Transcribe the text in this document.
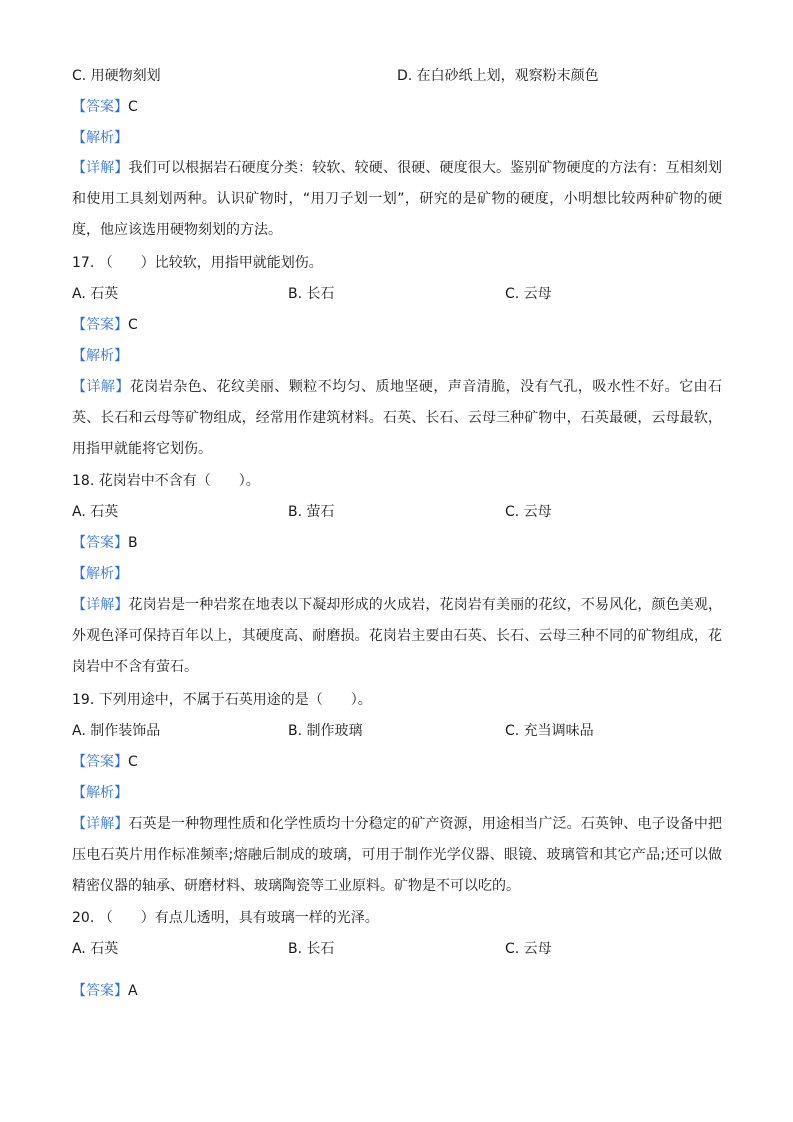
C. 用硬物刻划	D. 在白砂纸上划，观察粉末颜色
【答案】C
【解析】
【详解】我们可以根据岩石硬度分类：较软、较硬、很硬、硬度很大。鉴别矿物硬度的方法有：互相刻划和使用工具刻划两种。认识矿物时，“用刀子划一划”，研究的是矿物的硬度，小明想比较两种矿物的硬度，他应该选用硬物刻划的方法。
17. （　　）比较软，用指甲就能划伤。
A. 石英	B. 长石	C. 云母
【答案】C
【解析】
【详解】花岗岩杂色、花纹美丽、颗粒不均匀、质地坚硬，声音清脆，没有气孔，吸水性不好。它由石英、长石和云母等矿物组成，经常用作建筑材料。石英、长石、云母三种矿物中，石英最硬，云母最软，用指甲就能将它划伤。
18. 花岗岩中不含有（　　）。
A. 石英	B. 萤石	C. 云母
【答案】B
【解析】
【详解】花岗岩是一种岩浆在地表以下凝却形成的火成岩，花岗岩有美丽的花纹，不易风化，颜色美观，外观色泽可保持百年以上，其硬度高、耐磨损。花岗岩主要由石英、长石、云母三种不同的矿物组成，花岗岩中不含有萤石。
19. 下列用途中，不属于石英用途的是（　　）。
A. 制作装饰品	B. 制作玻璃	C. 充当调味品
【答案】C
【解析】
【详解】石英是一种物理性质和化学性质均十分稳定的矿产资源，用途相当广泛。石英钟、电子设备中把压电石英片用作标准频率;熔融后制成的玻璃，可用于制作光学仪器、眼镜、玻璃管和其它产品;还可以做精密仪器的轴承、研磨材料、玻璃陶瓷等工业原料。矿物是不可以吃的。
20. （　　）有点儿透明，具有玻璃一样的光泽。
A. 石英	B. 长石	C. 云母
【答案】A
